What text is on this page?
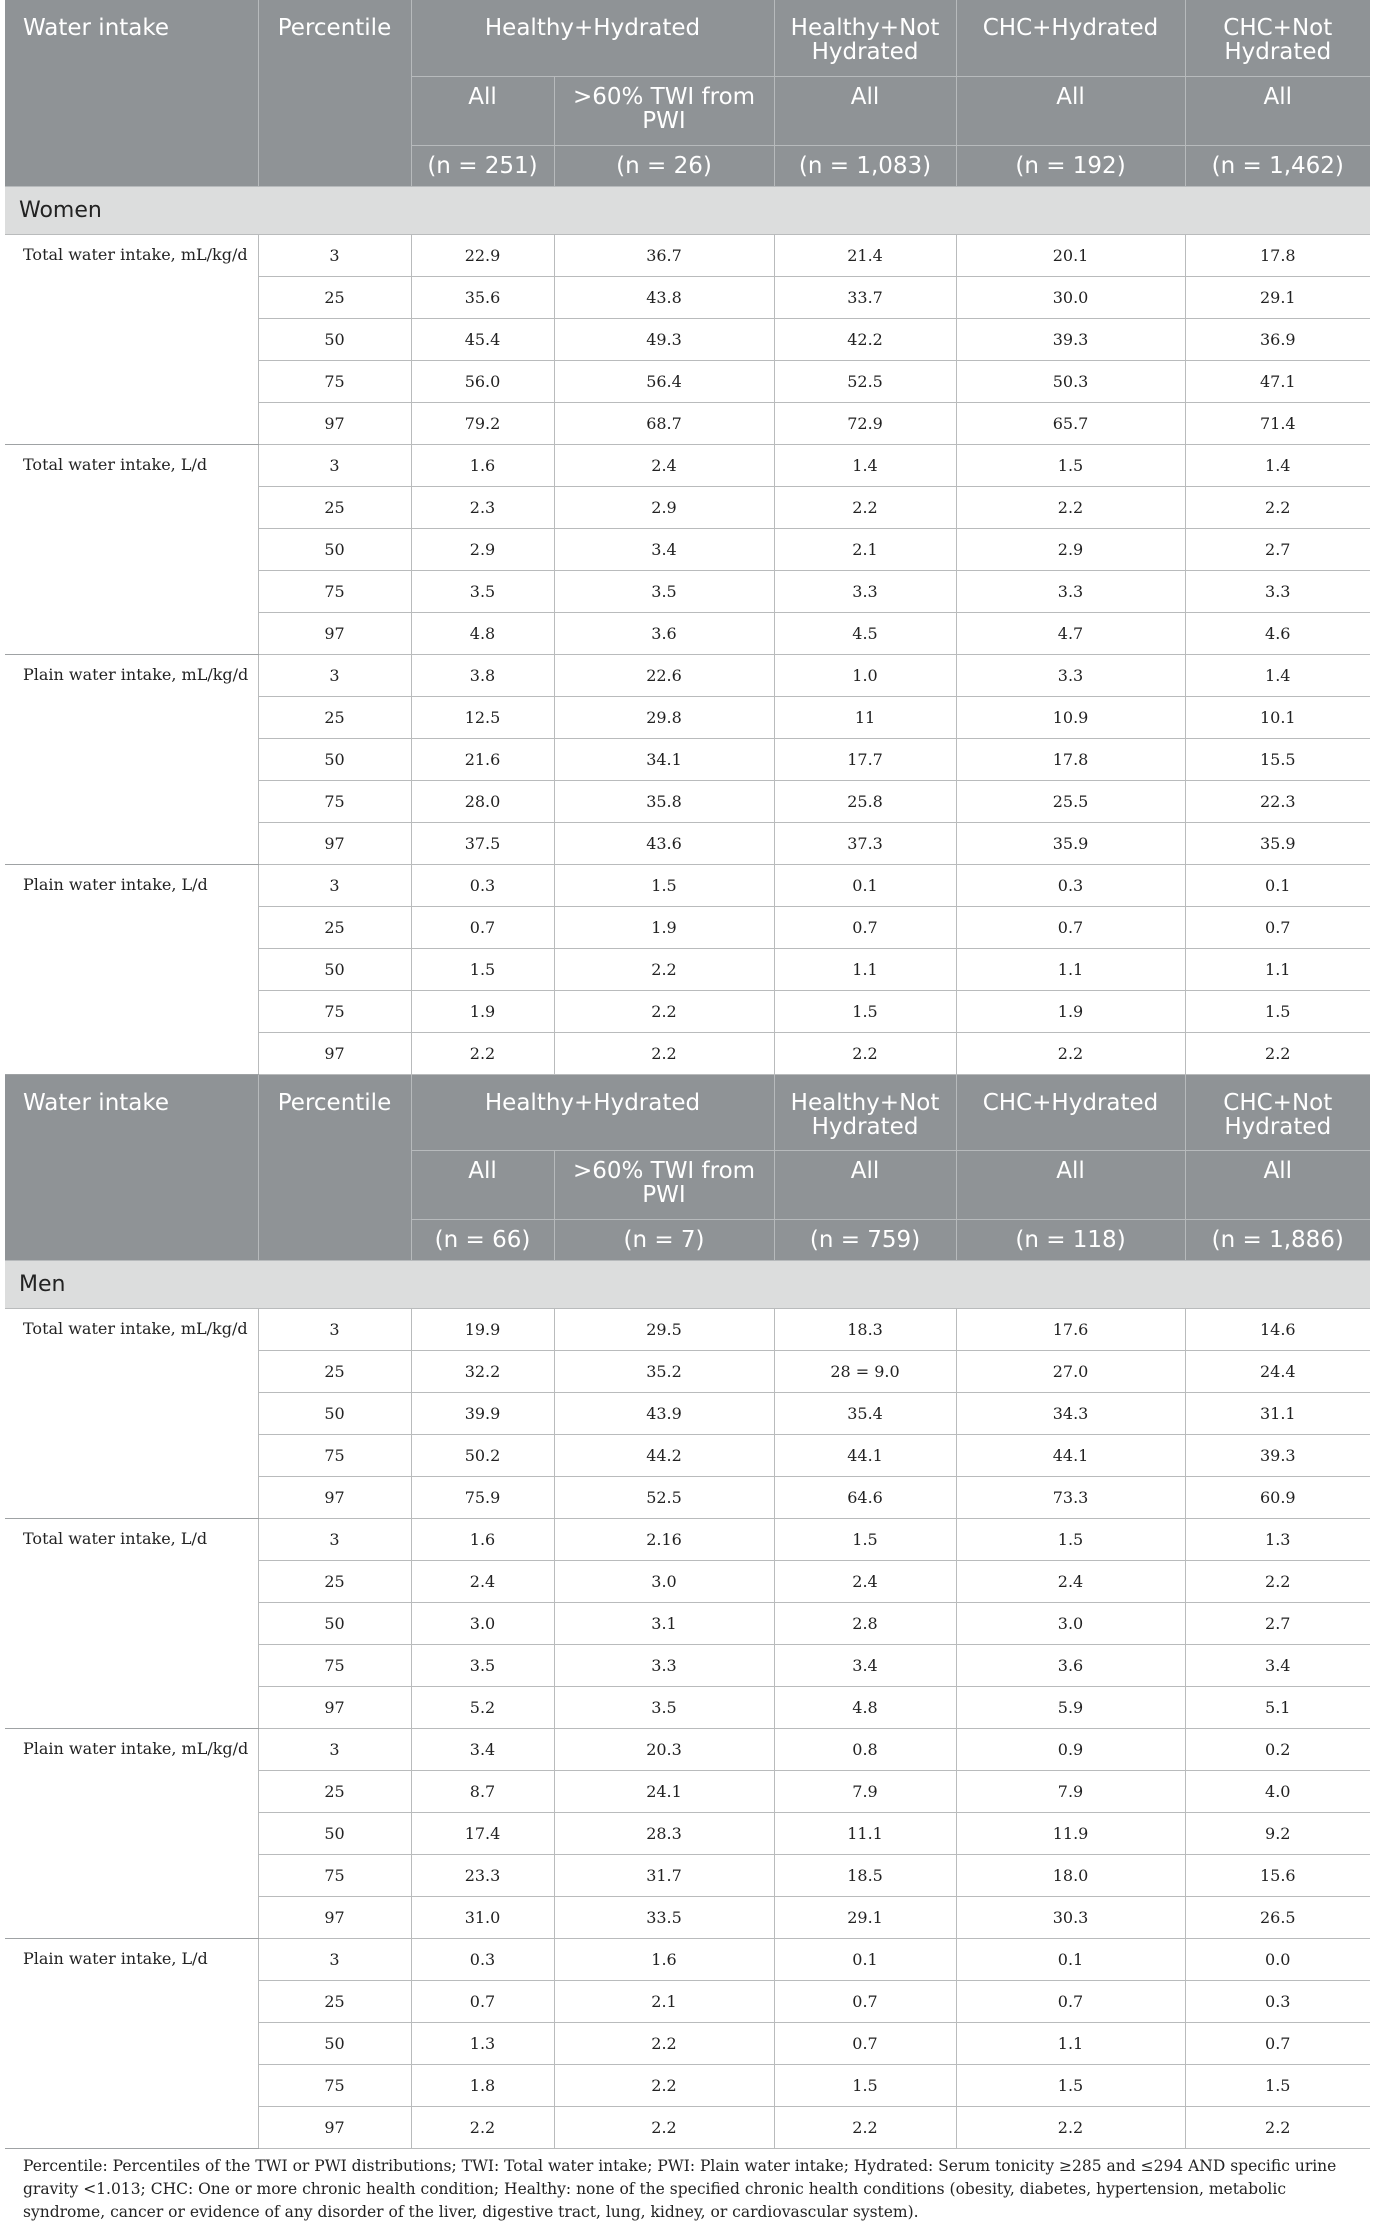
Water intake	Percentile	Healthy+Hydrated		Healthy+Not Hydrated	CHC+Hydrated	CHC+Not Hydrated
		All	>60% TWI from PWI	All	All	All
		(n = 251)	(n = 26)	(n = 1,083)	(n = 192)	(n = 1,462)
Women						
Total water intake, mL/kg/d	3	22.9	36.7	21.4	20.1	17.8
	25	35.6	43.8	33.7	30.0	29.1
	50	45.4	49.3	42.2	39.3	36.9
	75	56.0	56.4	52.5	50.3	47.1
	97	79.2	68.7	72.9	65.7	71.4
Total water intake, L/d	3	1.6	2.4	1.4	1.5	1.4
	25	2.3	2.9	2.2	2.2	2.2
	50	2.9	3.4	2.1	2.9	2.7
	75	3.5	3.5	3.3	3.3	3.3
	97	4.8	3.6	4.5	4.7	4.6
Plain water intake, mL/kg/d	3	3.8	22.6	1.0	3.3	1.4
	25	12.5	29.8	11	10.9	10.1
	50	21.6	34.1	17.7	17.8	15.5
	75	28.0	35.8	25.8	25.5	22.3
	97	37.5	43.6	37.3	35.9	35.9
Plain water intake, L/d	3	0.3	1.5	0.1	0.3	0.1
	25	0.7	1.9	0.7	0.7	0.7
	50	1.5	2.2	1.1	1.1	1.1
	75	1.9	2.2	1.5	1.9	1.5
	97	2.2	2.2	2.2	2.2	2.2
Water intake	Percentile	Healthy+Hydrated		Healthy+Not Hydrated	CHC+Hydrated	CHC+Not Hydrated
		All	>60% TWI from PWI	All	All	All
		(n = 66)	(n = 7)	(n = 759)	(n = 118)	(n = 1,886)
Men						
Total water intake, mL/kg/d	3	19.9	29.5	18.3	17.6	14.6
	25	32.2	35.2	28 = 9.0	27.0	24.4
	50	39.9	43.9	35.4	34.3	31.1
	75	50.2	44.2	44.1	44.1	39.3
	97	75.9	52.5	64.6	73.3	60.9
Total water intake, L/d	3	1.6	2.16	1.5	1.5	1.3
	25	2.4	3.0	2.4	2.4	2.2
	50	3.0	3.1	2.8	3.0	2.7
	75	3.5	3.3	3.4	3.6	3.4
	97	5.2	3.5	4.8	5.9	5.1
Plain water intake, mL/kg/d	3	3.4	20.3	0.8	0.9	0.2
	25	8.7	24.1	7.9	7.9	4.0
	50	17.4	28.3	11.1	11.9	9.2
	75	23.3	31.7	18.5	18.0	15.6
	97	31.0	33.5	29.1	30.3	26.5
Plain water intake, L/d	3	0.3	1.6	0.1	0.1	0.0
	25	0.7	2.1	0.7	0.7	0.3
	50	1.3	2.2	0.7	1.1	0.7
	75	1.8	2.2	1.5	1.5	1.5
	97	2.2	2.2	2.2	2.2	2.2
Percentile: Percentiles of the TWI or PWI distributions; TWI: Total water intake; PWI: Plain water intake; Hydrated: Serum tonicity ≥285 and ≤294 AND specific urine gravity <1.013; CHC: One or more chronic health condition; Healthy: none of the specified chronic health conditions (obesity, diabetes, hypertension, metabolic syndrome, cancer or evidence of any disorder of the liver, digestive tract, lung, kidney, or cardiovascular system).
